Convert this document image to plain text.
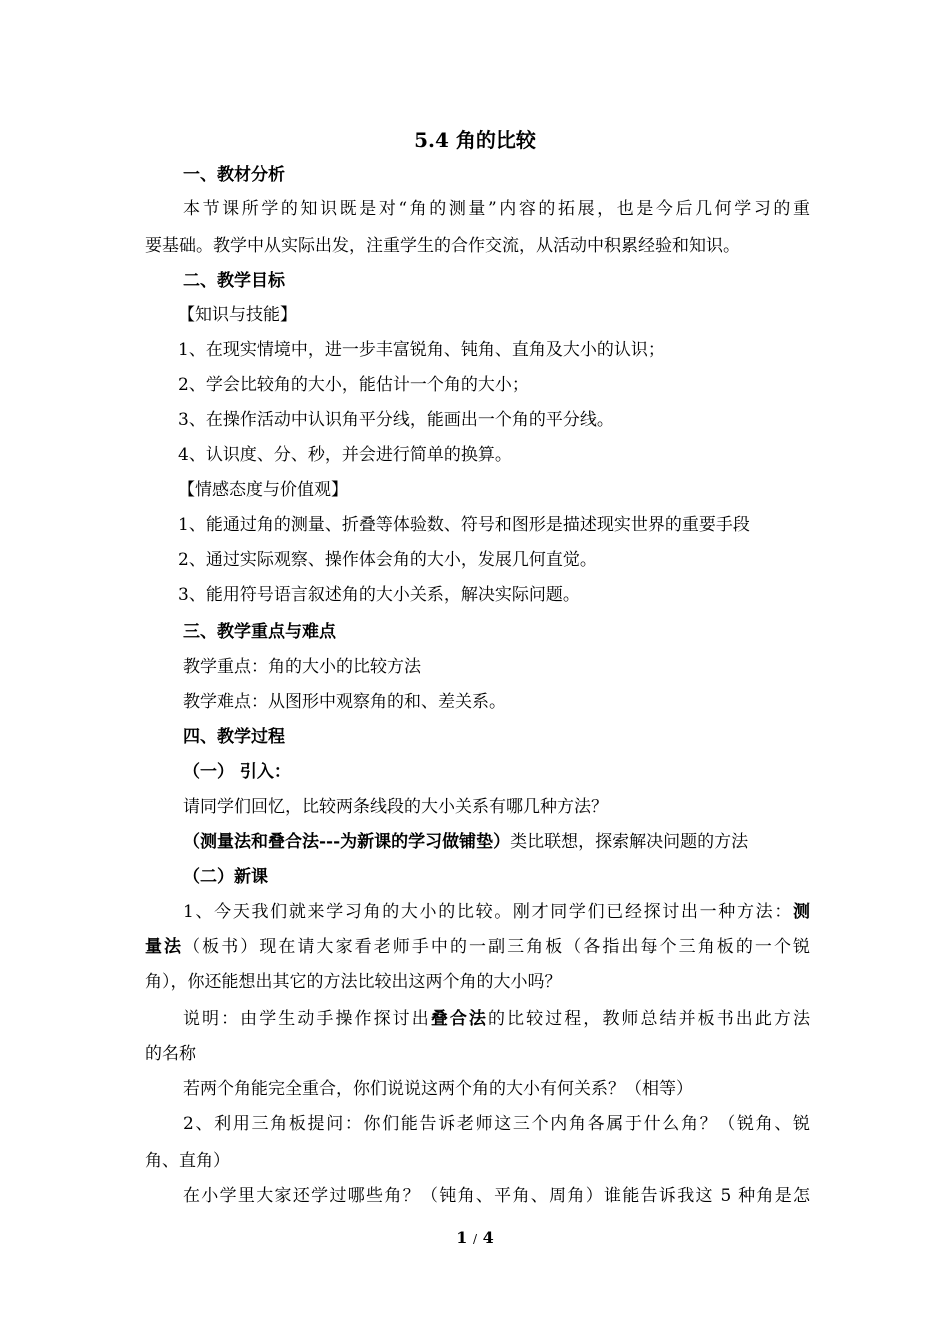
5.4 角的比较
一、教材分析
本节课所学的知识既是对“角的测量”内容的拓展，也是今后几何学习的重
要基础。教学中从实际出发，注重学生的合作交流，从活动中积累经验和知识。
二、教学目标
【知识与技能】
1、在现实情境中，进一步丰富锐角、钝角、直角及大小的认识；
2、学会比较角的大小，能估计一个角的大小；
3、在操作活动中认识角平分线，能画出一个角的平分线。
4、认识度、分、秒，并会进行简单的换算。
【情感态度与价值观】
1、能通过角的测量、折叠等体验数、符号和图形是描述现实世界的重要手段
2、通过实际观察、操作体会角的大小，发展几何直觉。
3、能用符号语言叙述角的大小关系，解决实际问题。
三、教学重点与难点
教学重点：角的大小的比较方法
教学难点：从图形中观察角的和、差关系。
四、教学过程
（一） 引入：
请同学们回忆，比较两条线段的大小关系有哪几种方法？
（测量法和叠合法---为新课的学习做铺垫）类比联想，探索解决问题的方法
（二）新课
1、今天我们就来学习角的大小的比较。刚才同学们已经探讨出一种方法：测
量法（板书）现在请大家看老师手中的一副三角板（各指出每个三角板的一个锐
角），你还能想出其它的方法比较出这两个角的大小吗？
说明：由学生动手操作探讨出叠合法的比较过程，教师总结并板书出此方法
的名称
若两个角能完全重合，你们说说这两个角的大小有何关系？（相等）
2、利用三角板提问：你们能告诉老师这三个内角各属于什么角？（锐角、锐
角、直角）
在小学里大家还学过哪些角？（钝角、平角、周角）谁能告诉我这 5 种角是怎
1 / 4
